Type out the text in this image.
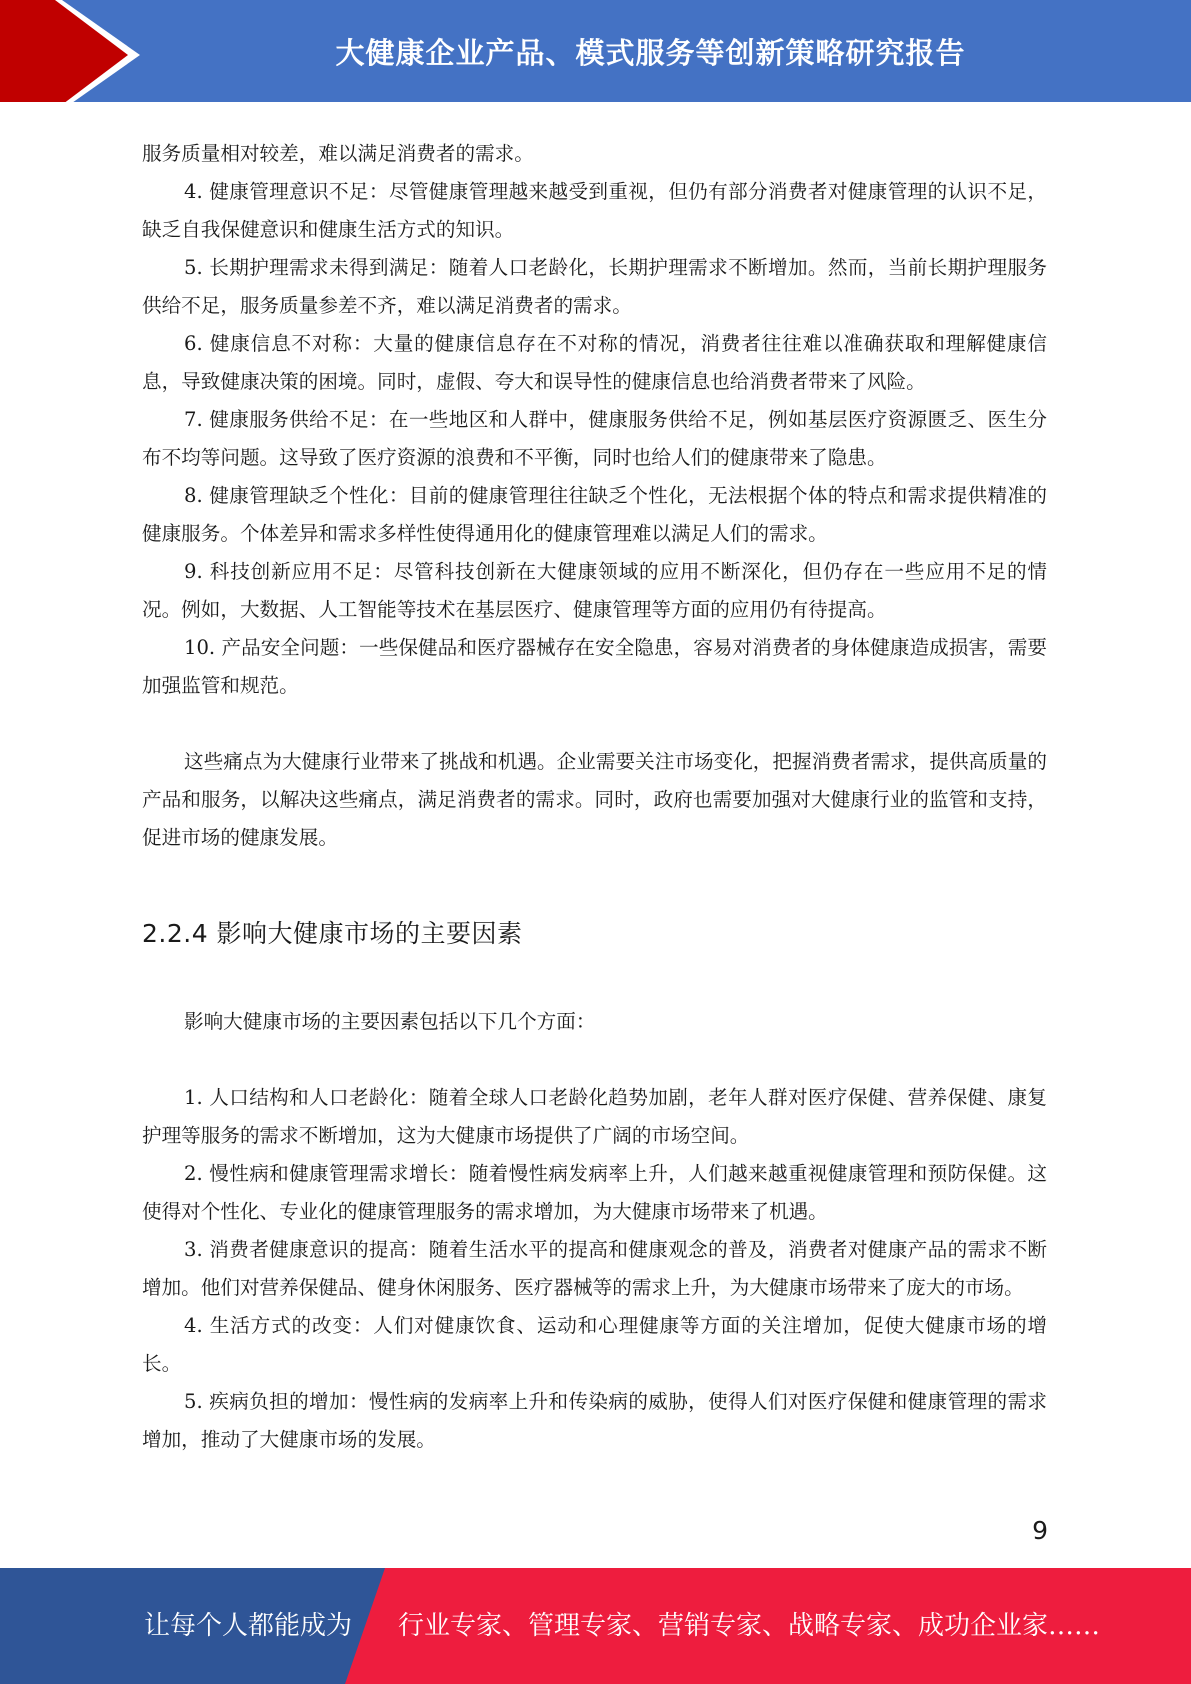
大健康企业产品、模式服务等创新策略研究报告

服务质量相对较差，难以满足消费者的需求。

4. 健康管理意识不足：尽管健康管理越来越受到重视，但仍有部分消费者对健康管理的认识不足，缺乏自我保健意识和健康生活方式的知识。

5. 长期护理需求未得到满足：随着人口老龄化，长期护理需求不断增加。然而，当前长期护理服务供给不足，服务质量参差不齐，难以满足消费者的需求。

6. 健康信息不对称：大量的健康信息存在不对称的情况，消费者往往难以准确获取和理解健康信息，导致健康决策的困境。同时，虚假、夸大和误导性的健康信息也给消费者带来了风险。

7. 健康服务供给不足：在一些地区和人群中，健康服务供给不足，例如基层医疗资源匮乏、医生分布不均等问题。这导致了医疗资源的浪费和不平衡，同时也给人们的健康带来了隐患。

8. 健康管理缺乏个性化：目前的健康管理往往缺乏个性化，无法根据个体的特点和需求提供精准的健康服务。个体差异和需求多样性使得通用化的健康管理难以满足人们的需求。

9. 科技创新应用不足：尽管科技创新在大健康领域的应用不断深化，但仍存在一些应用不足的情况。例如，大数据、人工智能等技术在基层医疗、健康管理等方面的应用仍有待提高。

10. 产品安全问题：一些保健品和医疗器械存在安全隐患，容易对消费者的身体健康造成损害，需要加强监管和规范。

这些痛点为大健康行业带来了挑战和机遇。企业需要关注市场变化，把握消费者需求，提供高质量的产品和服务，以解决这些痛点，满足消费者的需求。同时，政府也需要加强对大健康行业的监管和支持，促进市场的健康发展。

2.2.4 影响大健康市场的主要因素

影响大健康市场的主要因素包括以下几个方面：

1. 人口结构和人口老龄化：随着全球人口老龄化趋势加剧，老年人群对医疗保健、营养保健、康复护理等服务的需求不断增加，这为大健康市场提供了广阔的市场空间。

2. 慢性病和健康管理需求增长：随着慢性病发病率上升，人们越来越重视健康管理和预防保健。这使得对个性化、专业化的健康管理服务的需求增加，为大健康市场带来了机遇。

3. 消费者健康意识的提高：随着生活水平的提高和健康观念的普及，消费者对健康产品的需求不断增加。他们对营养保健品、健身休闲服务、医疗器械等的需求上升，为大健康市场带来了庞大的市场。

4. 生活方式的改变：人们对健康饮食、运动和心理健康等方面的关注增加，促使大健康市场的增长。

5. 疾病负担的增加：慢性病的发病率上升和传染病的威胁，使得人们对医疗保健和健康管理的需求增加，推动了大健康市场的发展。

9
让每个人都能成为 行业专家、管理专家、营销专家、战略专家、成功企业家……
